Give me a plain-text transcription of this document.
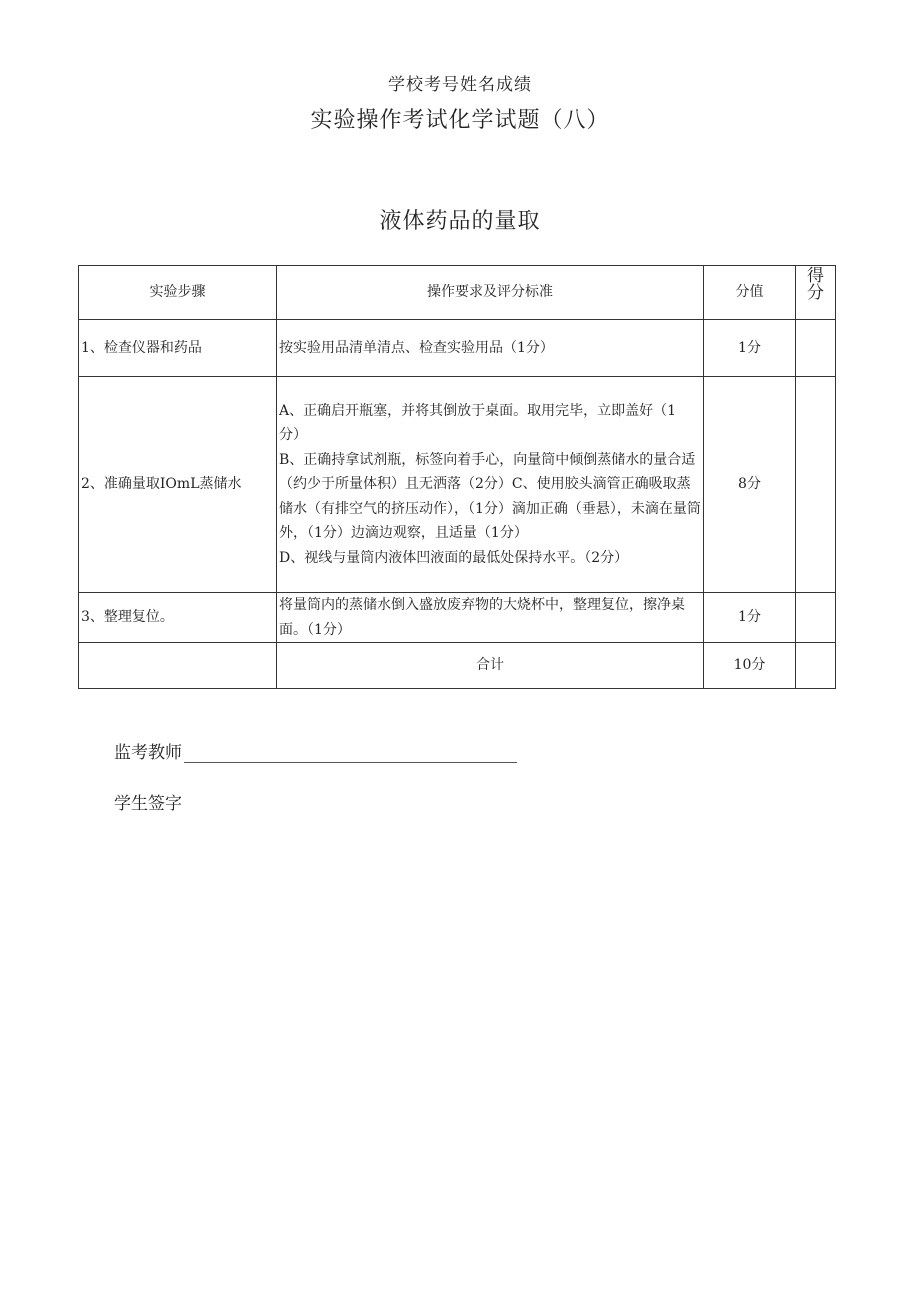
学校考号姓名成绩
实验操作考试化学试题（八）
液体药品的量取
实验步骤	操作要求及评分标准	分值	得
分
1、检查仪器和药品	按实验用品清单清点、检查实验用品（1分）	1分	
2、准确量取IOmL蒸储水	A、正确启开瓶塞，并将其倒放于桌面。取用完毕，立即盖好（1分）
B、正确持拿试剂瓶，标签向着手心，向量筒中倾倒蒸储水的量合适（约少于所量体积）且无洒落（2分）C、使用胶头滴管正确吸取蒸储水（有排空气的挤压动作），（1分）滴加正确（垂悬），未滴在量筒外，（1分）边滴边观察，且适量（1分）
D、视线与量筒内液体凹液面的最低处保持水平。（2分）	8分	
3、整理复位。	将量筒内的蒸储水倒入盛放废弃物的大烧杯中，整理复位，擦净桌面。（1分）	1分	
	合计	10分	
监考教师
学生签字
